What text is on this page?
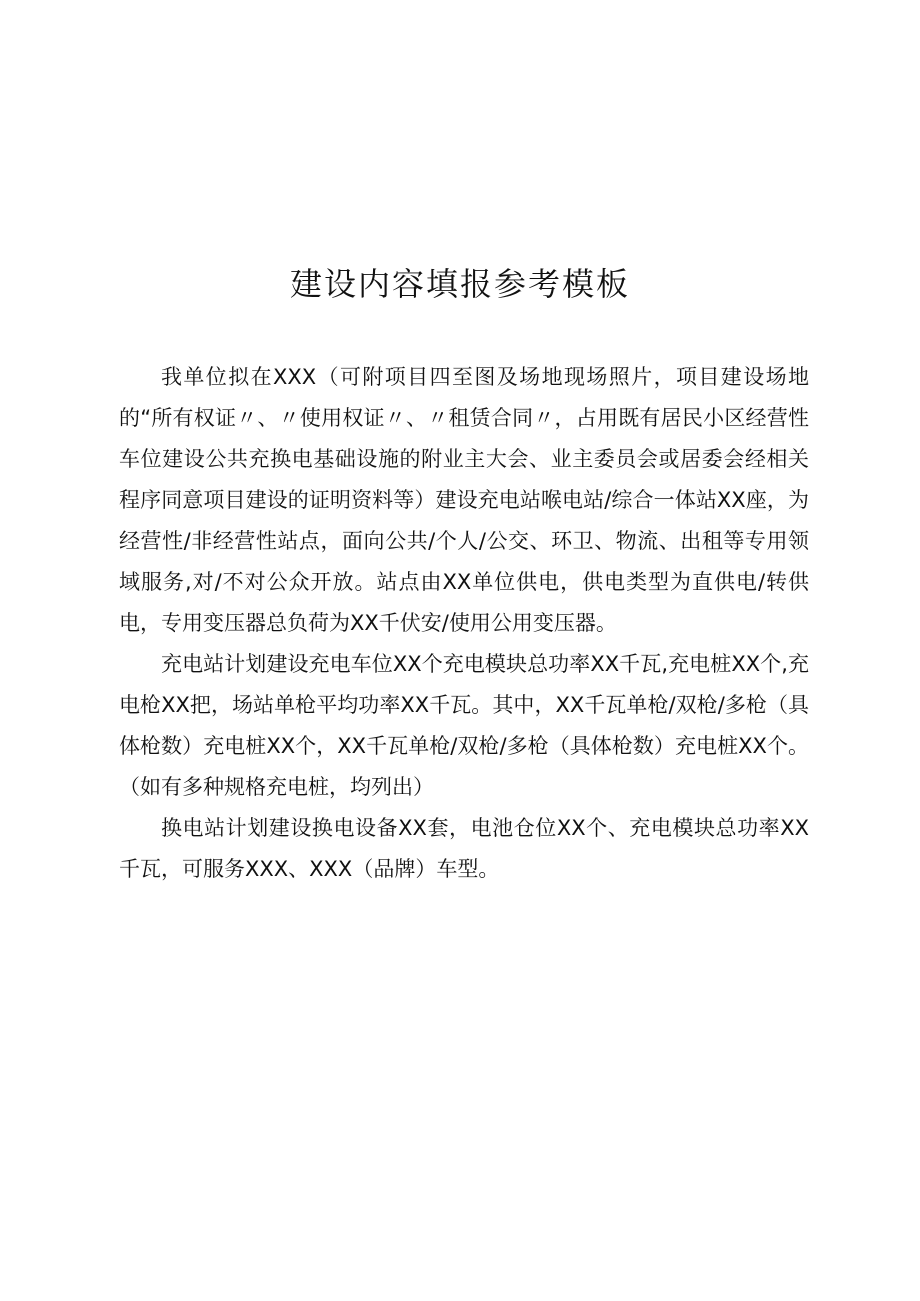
建设内容填报参考模板

我单位拟在XXX（可附项目四至图及场地现场照片，项目建设场地的“所有权证〃、〃使用权证〃、〃租赁合同〃，占用既有居民小区经营性车位建设公共充换电基础设施的附业主大会、业主委员会或居委会经相关程序同意项目建设的证明资料等）建设充电站喉电站/综合一体站XX座，为经营性/非经营性站点，面向公共/个人/公交、环卫、物流、出租等专用领域服务,对/不对公众开放。站点由XX单位供电，供电类型为直供电/转供电，专用变压器总负荷为XX千伏安/使用公用变压器。

充电站计划建设充电车位XX个充电模块总功率XX千瓦,充电桩XX个,充电枪XX把，场站单枪平均功率XX千瓦。其中，XX千瓦单枪/双枪/多枪（具体枪数）充电桩XX个，XX千瓦单枪/双枪/多枪（具体枪数）充电桩XX个。（如有多种规格充电桩，均列出）

换电站计划建设换电设备XX套，电池仓位XX个、充电模块总功率XX千瓦，可服务XXX、XXX（品牌）车型。
